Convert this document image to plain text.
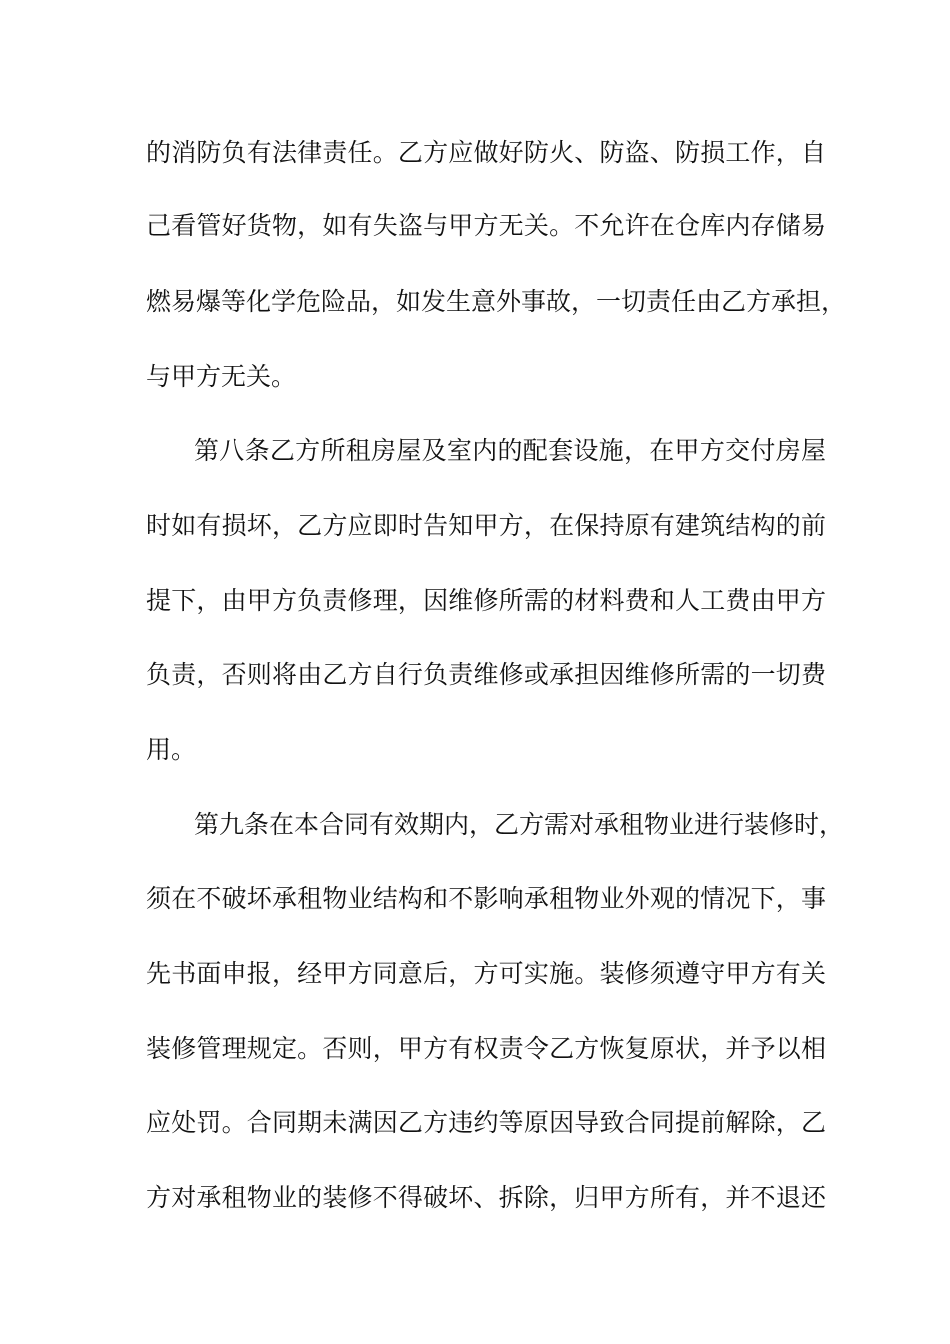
的消防负有法律责任。乙方应做好防火、防盗、防损工作，自
己看管好货物，如有失盗与甲方无关。不允许在仓库内存储易
燃易爆等化学危险品，如发生意外事故，一切责任由乙方承担，
与甲方无关。
第八条乙方所租房屋及室内的配套设施，在甲方交付房屋
时如有损坏，乙方应即时告知甲方，在保持原有建筑结构的前
提下，由甲方负责修理，因维修所需的材料费和人工费由甲方
负责，否则将由乙方自行负责维修或承担因维修所需的一切费
用。
第九条在本合同有效期内，乙方需对承租物业进行装修时，
须在不破坏承租物业结构和不影响承租物业外观的情况下，事
先书面申报，经甲方同意后，方可实施。装修须遵守甲方有关
装修管理规定。否则，甲方有权责令乙方恢复原状，并予以相
应处罚。合同期未满因乙方违约等原因导致合同提前解除，乙
方对承租物业的装修不得破坏、拆除，归甲方所有，并不退还
